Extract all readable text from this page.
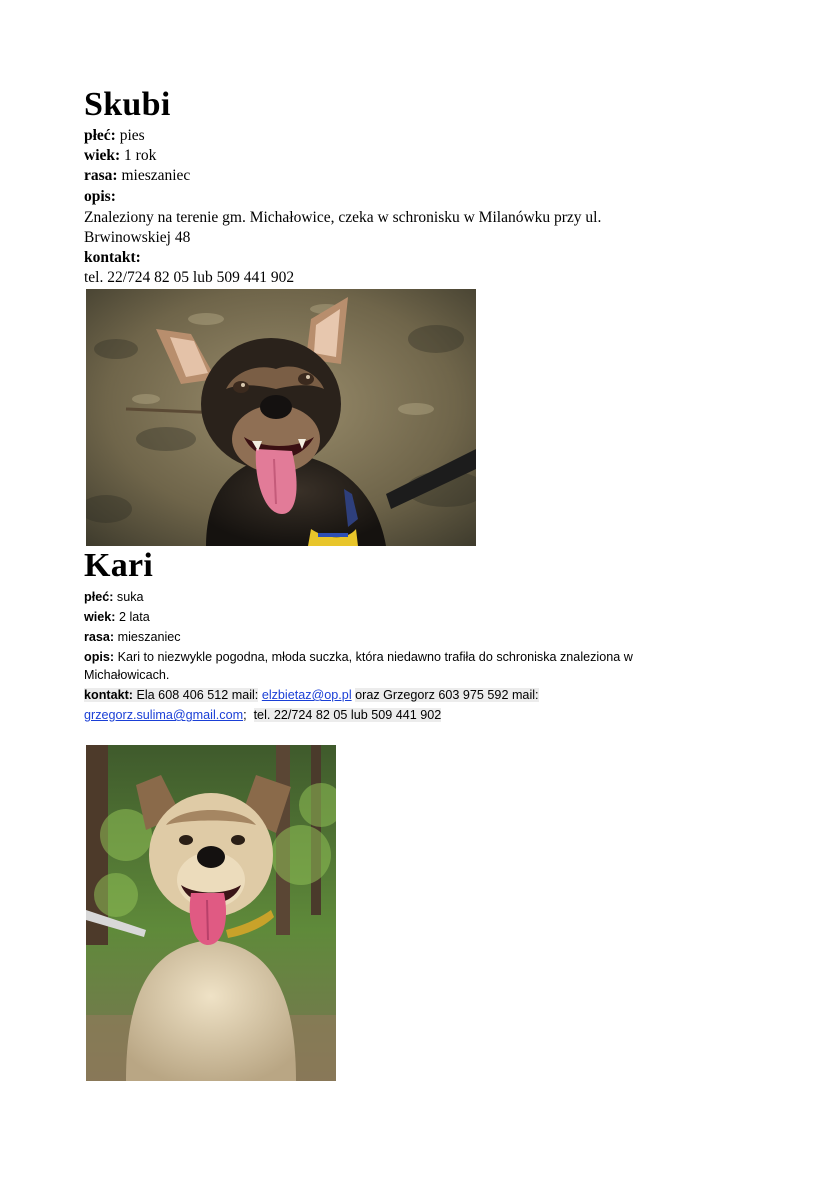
Skubi
płeć: pies
wiek: 1 rok
rasa: mieszaniec
opis:
Znaleziony na terenie gm. Michałowice, czeka w schronisku w Milanówku przy ul.
Brwinowskiej 48
kontakt:
tel. 22/724 82 05 lub 509 441 902
Kari
płeć: suka
wiek: 2 lata
rasa: mieszaniec
opis: Kari to niezwykle pogodna, młoda suczka, która niedawno trafiła do schroniska znaleziona w
Michałowicach.
kontakt: Ela 608 406 512 mail: elzbietaz@op.pl oraz Grzegorz 603 975 592 mail:
grzegorz.sulima@gmail.com; tel. 22/724 82 05 lub 509 441 902
